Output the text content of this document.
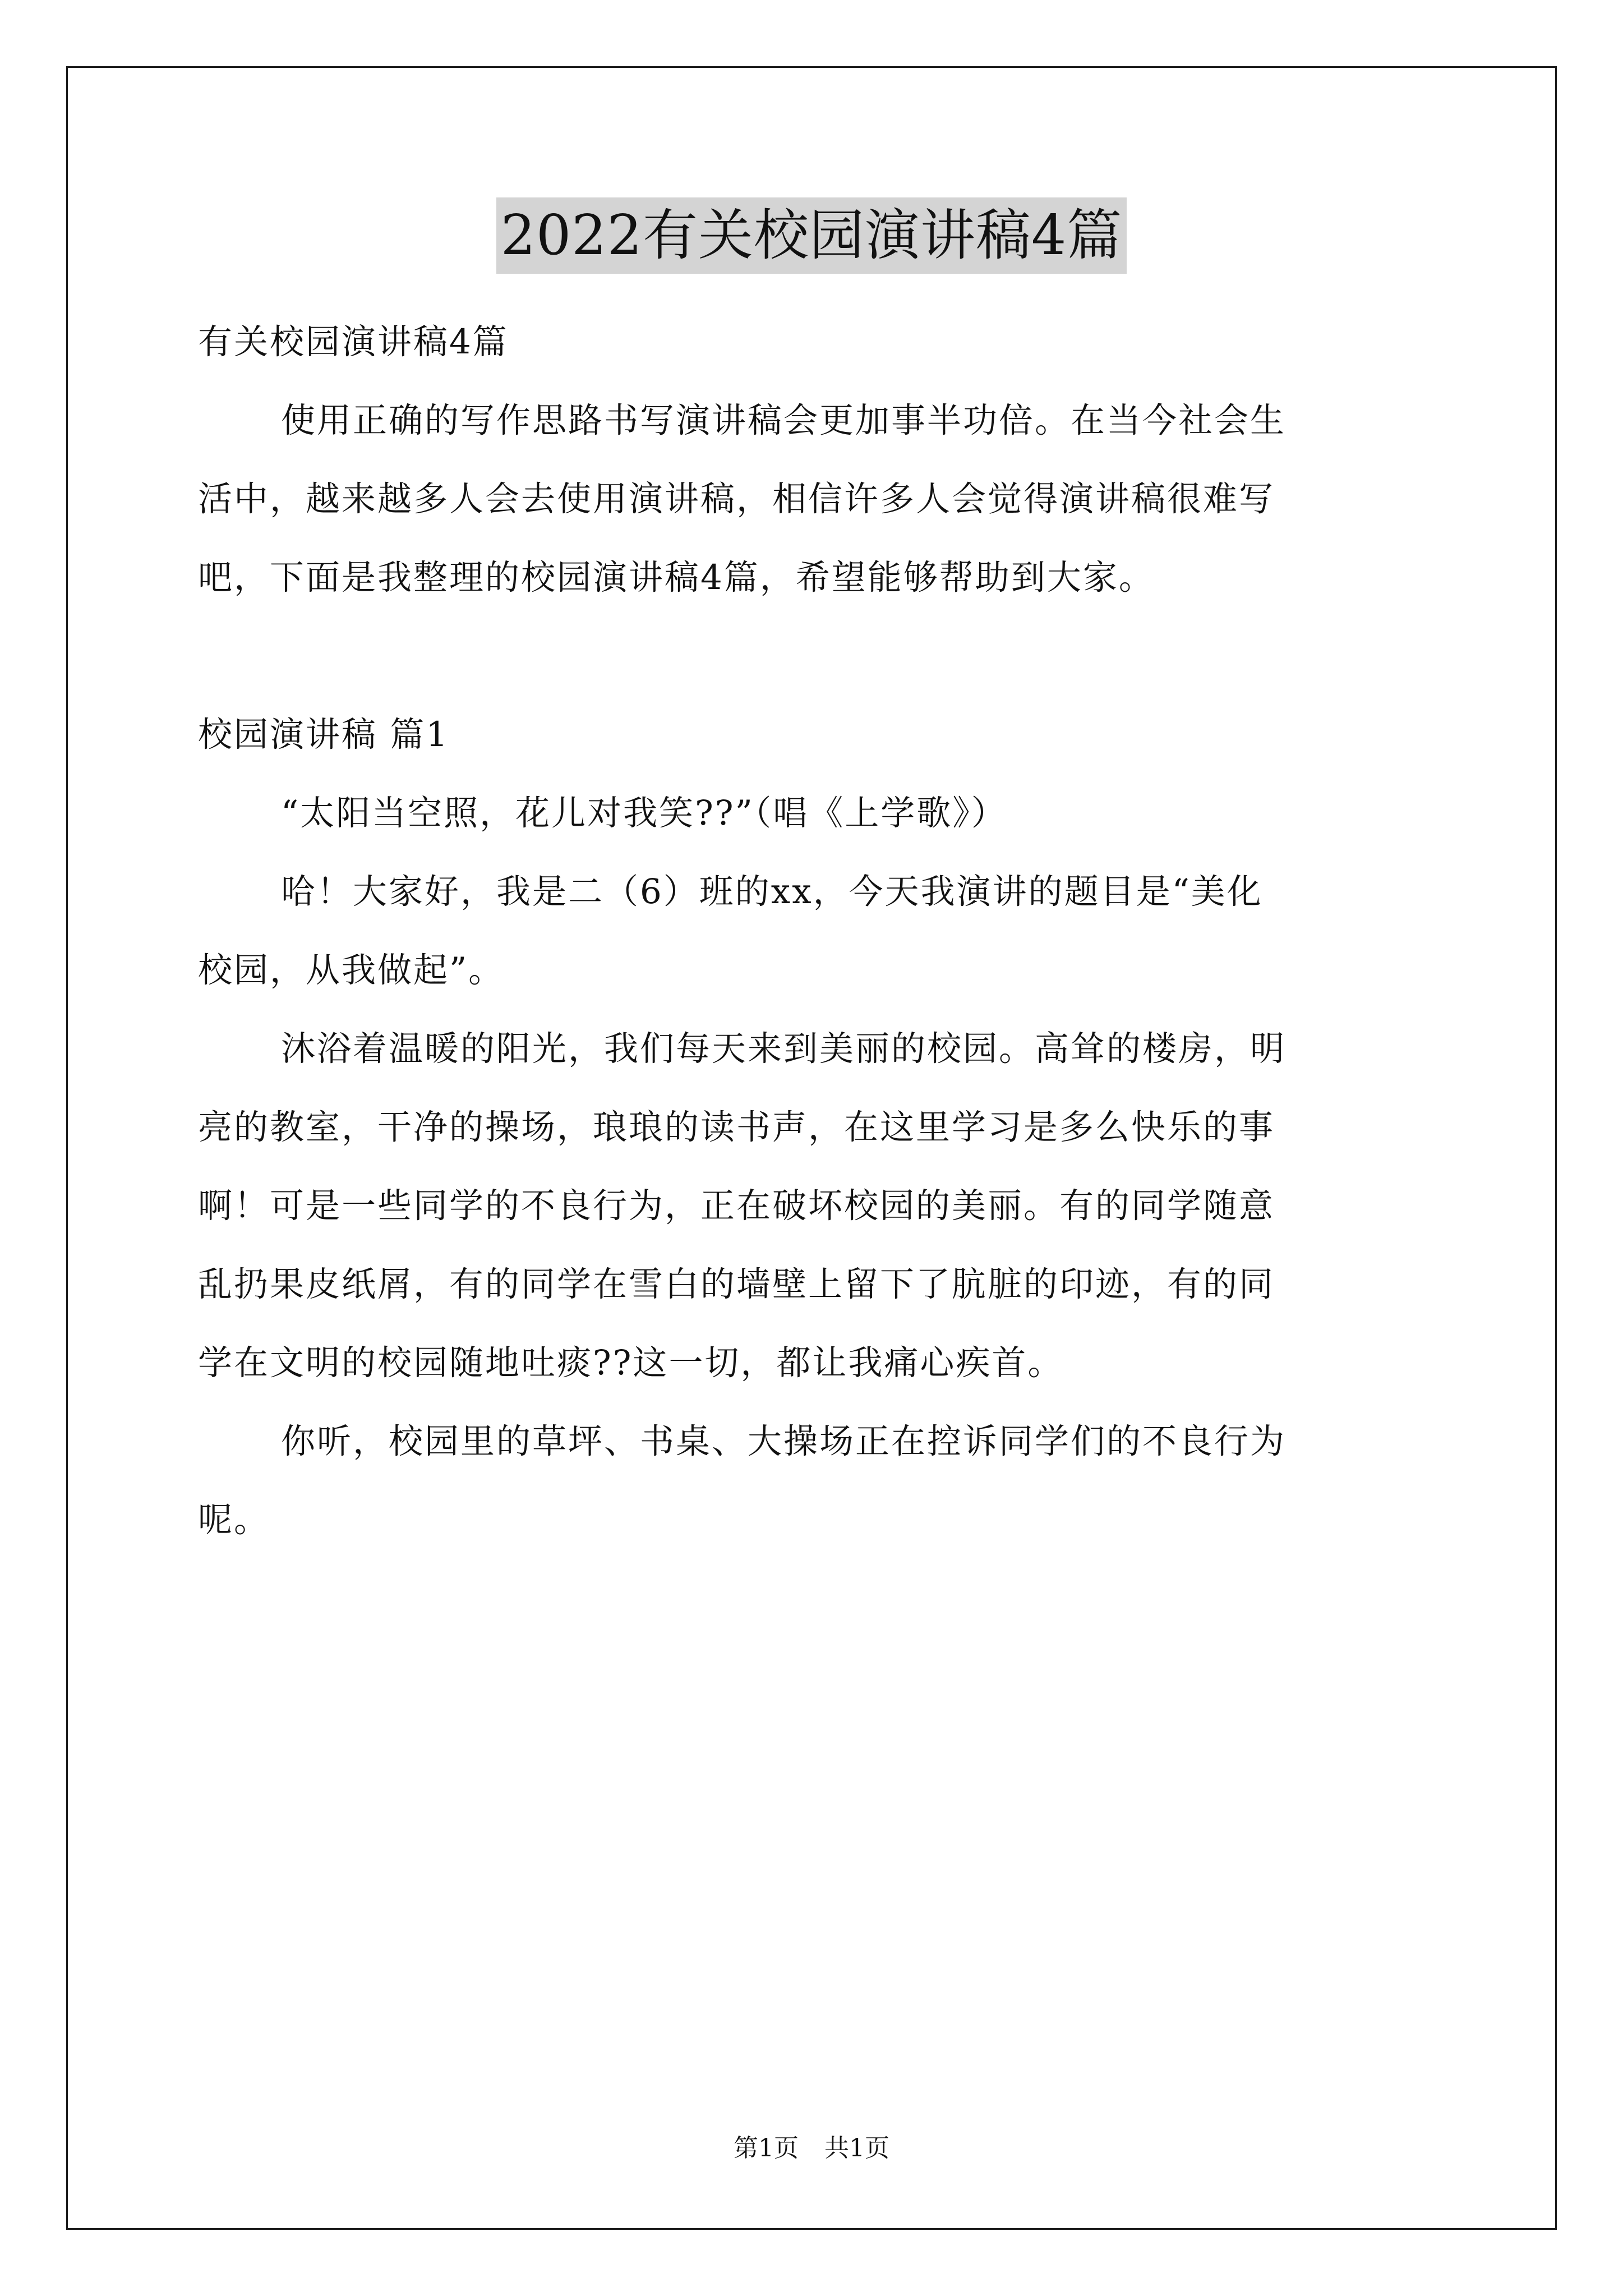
2022有关校园演讲稿4篇
有关校园演讲稿4篇
使用正确的写作思路书写演讲稿会更加事半功倍。在当今社会生
活中，越来越多人会去使用演讲稿，相信许多人会觉得演讲稿很难写
吧，下面是我整理的校园演讲稿4篇，希望能够帮助到大家。
校园演讲稿 篇1
“太阳当空照，花儿对我笑??”（唱《上学歌》）
哈！大家好，我是二（6）班的xx，今天我演讲的题目是“美化
校园，从我做起”。
沐浴着温暖的阳光，我们每天来到美丽的校园。高耸的楼房，明
亮的教室，干净的操场，琅琅的读书声，在这里学习是多么快乐的事
啊！可是一些同学的不良行为，正在破坏校园的美丽。有的同学随意
乱扔果皮纸屑，有的同学在雪白的墙壁上留下了肮脏的印迹，有的同
学在文明的校园随地吐痰??这一切，都让我痛心疾首。
你听，校园里的草坪、书桌、大操场正在控诉同学们的不良行为
呢。
第1页 共1页
